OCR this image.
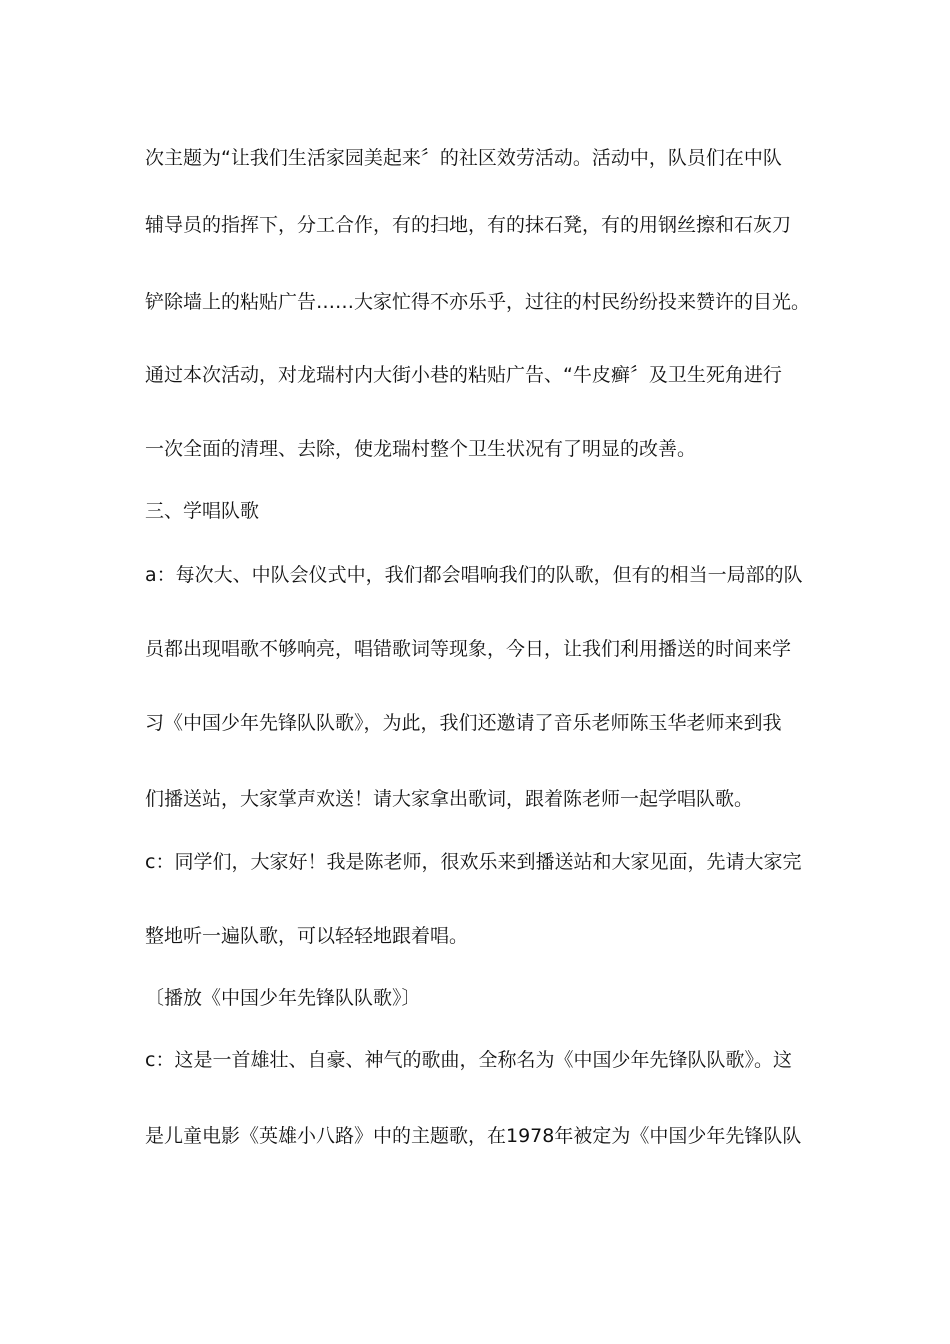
次主题为“让我们生活家园美起来〞的社区效劳活动。活动中，队员们在中队
辅导员的指挥下，分工合作，有的扫地，有的抹石凳，有的用钢丝擦和石灰刀
铲除墙上的粘贴广告……大家忙得不亦乐乎，过往的村民纷纷投来赞许的目光。
通过本次活动，对龙瑞村内大街小巷的粘贴广告、“牛皮癣〞及卫生死角进行
一次全面的清理、去除，使龙瑞村整个卫生状况有了明显的改善。
三、学唱队歌
a：每次大、中队会仪式中，我们都会唱响我们的队歌，但有的相当一局部的队
员都出现唱歌不够响亮，唱错歌词等现象，今日，让我们利用播送的时间来学
习《中国少年先锋队队歌》，为此，我们还邀请了音乐老师陈玉华老师来到我
们播送站，大家掌声欢送！请大家拿出歌词，跟着陈老师一起学唱队歌。
c：同学们，大家好！我是陈老师，很欢乐来到播送站和大家见面，先请大家完
整地听一遍队歌，可以轻轻地跟着唱。
〔播放《中国少年先锋队队歌》〕
c：这是一首雄壮、自豪、神气的歌曲，全称名为《中国少年先锋队队歌》。这
是儿童电影《英雄小八路》中的主题歌，在1978年被定为《中国少年先锋队队
